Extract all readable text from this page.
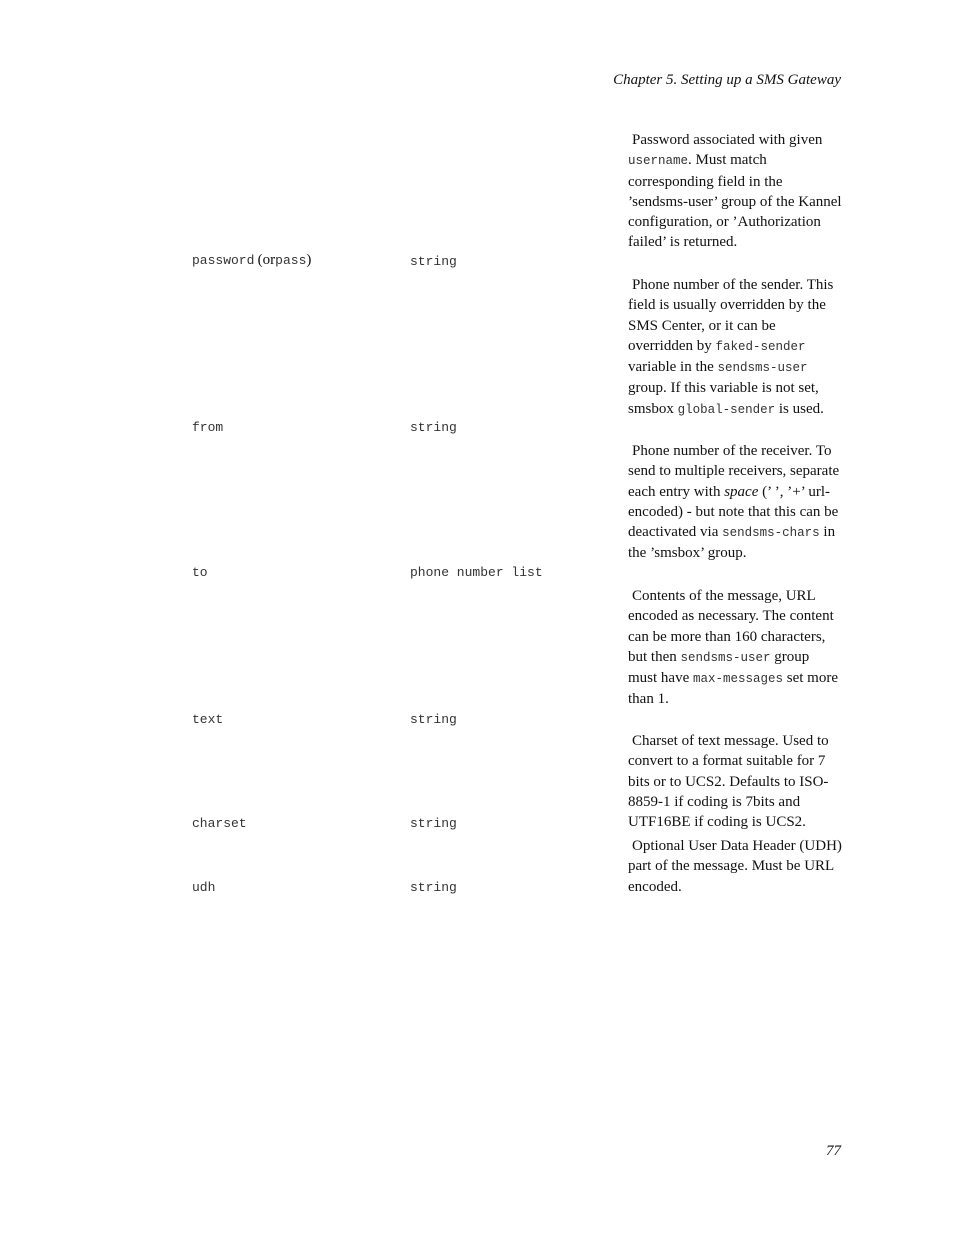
Chapter 5. Setting up a SMS Gateway
password (orpass)	string
Password associated with given username. Must match corresponding field in the ’sendsms-user’ group of the Kannel configuration, or ’Authorization failed’ is returned.
from	string
Phone number of the sender. This field is usually overridden by the SMS Center, or it can be overridden by faked-sender variable in the sendsms-user group. If this variable is not set, smsbox global-sender is used.
to	phone number list
Phone number of the receiver. To send to multiple receivers, separate each entry with space (’ ’, ’+’ url-encoded) - but note that this can be deactivated via sendsms-chars in the ’smsbox’ group.
text	string
Contents of the message, URL encoded as necessary. The content can be more than 160 characters, but then sendsms-user group must have max-messages set more than 1.
charset	string
Charset of text message. Used to convert to a format suitable for 7 bits or to UCS2. Defaults to ISO-8859-1 if coding is 7bits and UTF16BE if coding is UCS2.
udh	string
Optional User Data Header (UDH) part of the message. Must be URL encoded.
77
